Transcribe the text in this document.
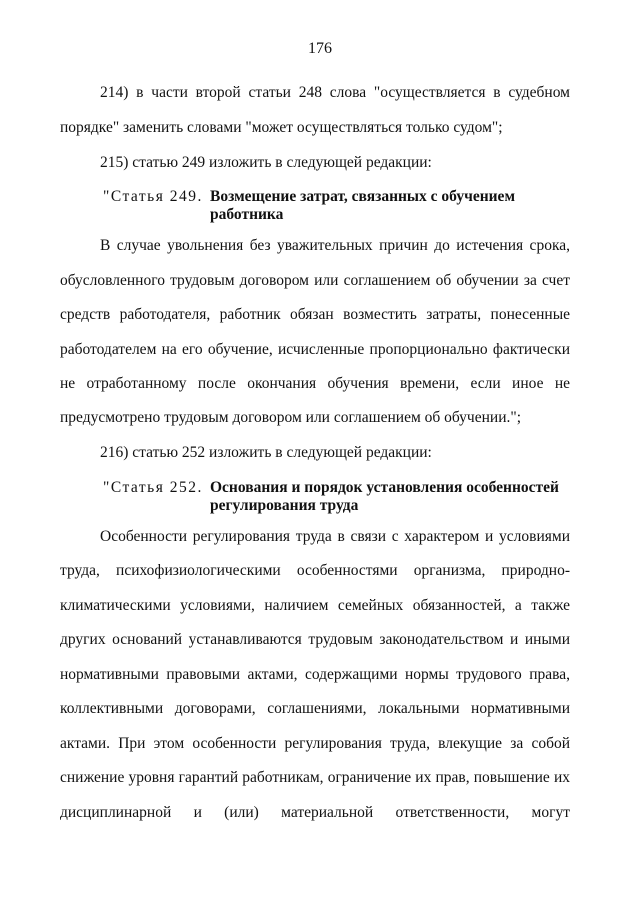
176
214) в части второй статьи 248 слова "осуществляется в судебном
порядке" заменить словами "может осуществляться только судом";
215) статью 249 изложить в следующей редакции:
"Статья 249. Возмещение затрат, связанных с обучением работника
В случае увольнения без уважительных причин до истечения срока,
обусловленного трудовым договором или соглашением об обучении за счет
средств работодателя, работник обязан возместить затраты, понесенные
работодателем на его обучение, исчисленные пропорционально фактически
не отработанному после окончания обучения времени, если иное не
предусмотрено трудовым договором или соглашением об обучении.";
216) статью 252 изложить в следующей редакции:
"Статья 252. Основания и порядок установления особенностей регулирования труда
Особенности регулирования труда в связи с характером и условиями
труда, психофизиологическими особенностями организма, природно-
климатическими условиями, наличием семейных обязанностей, а также
других оснований устанавливаются трудовым законодательством и иными
нормативными правовыми актами, содержащими нормы трудового права,
коллективными договорами, соглашениями, локальными нормативными
актами. При этом особенности регулирования труда, влекущие за собой
снижение уровня гарантий работникам, ограничение их прав, повышение их
дисциплинарной и (или) материальной ответственности, могут
